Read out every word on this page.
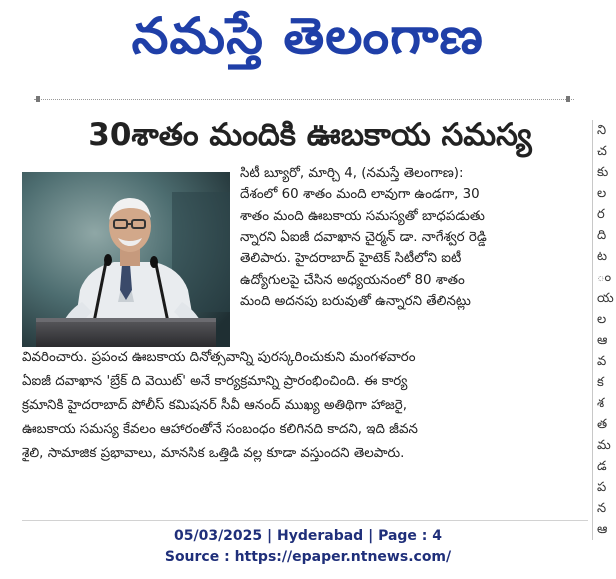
నమస్తే తెలంగాణ
30శాతం మందికి ఊబకాయ సమస్య
సిటీ బ్యూరో, మార్చి 4, (నమస్తే తెలంగాణ):
దేశంలో 60 శాతం మంది లావుగా ఉండగా, 30
శాతం మంది ఊబకాయ సమస్యతో బాధపడుతు
న్నారని ఏఐజీ దవాఖాన చైర్మన్ డా. నాగేశ్వర రెడ్డి
తెలిపారు. హైదరాబాద్ హైటెక్ సిటీలోని ఐటీ
ఉద్యోగులపై చేసిన అధ్యయనంలో 80 శాతం
మంది అదనపు బరువుతో ఉన్నారని తేలినట్లు
వివరించారు. ప్రపంచ ఊబకాయ దినోత్సవాన్ని పురస్కరించుకుని మంగళవారం
ఏఐజీ దవాఖాన 'బ్రేక్ ది వెయిట్' అనే కార్యక్రమాన్ని ప్రారంభించింది. ఈ కార్య
క్రమానికి హైదరాబాద్ పోలీస్ కమిషనర్ సీవీ ఆనంద్ ముఖ్య అతిథిగా హాజరై,
ఊబకాయ సమస్య కేవలం ఆహారంతోనే సంబంధం కలిగినది కాదని, ఇది జీవన
శైలి, సామాజిక ప్రభావాలు, మానసిక ఒత్తిడి వల్ల కూడా వస్తుందని తెలపారు.
ని
చ
కు
ల
ర
ది
ట
ం
య
ల
ఆ
వ
క
శ
త
మ
డ
ప
న
ఆ
05/03/2025 | Hyderabad | Page : 4
Source : https://epaper.ntnews.com/
